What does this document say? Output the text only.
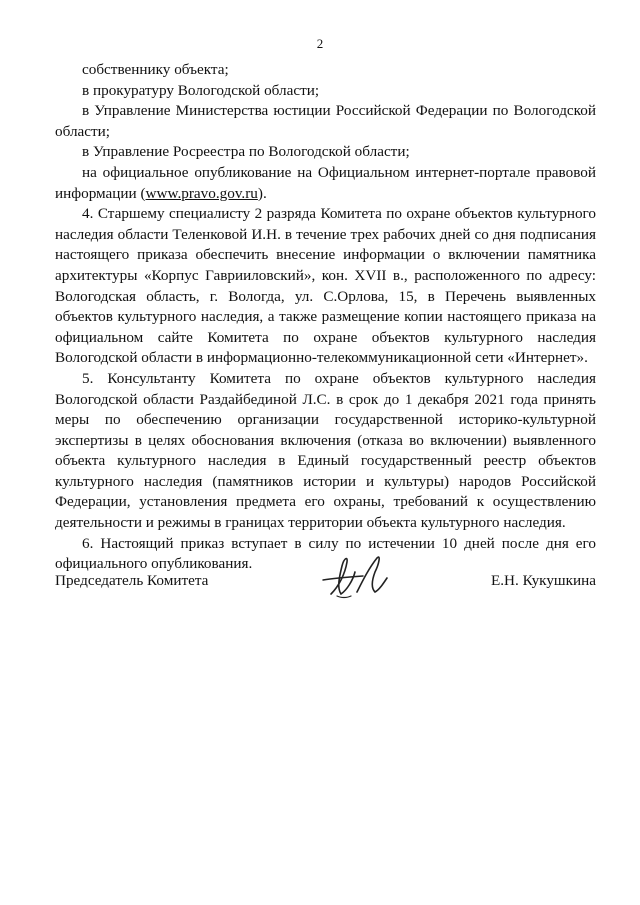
2

собственнику объекта;

в прокуратуру Вологодской области;

в Управление Министерства юстиции Российской Федерации по Вологодской области;

в Управление Росреестра по Вологодской области;

на официальное опубликование на Официальном интернет-портале правовой информации (www.pravo.gov.ru).

4. Старшему специалисту 2 разряда Комитета по охране объектов культурного наследия области Теленковой И.Н. в течение трех рабочих дней со дня подписания настоящего приказа обеспечить внесение информации о включении памятника архитектуры «Корпус Гаврииловский», кон. XVII в., расположенного по адресу: Вологодская область, г. Вологда, ул. С.Орлова, 15, в Перечень выявленных объектов культурного наследия, а также размещение копии настоящего приказа на официальном сайте Комитета по охране объектов культурного наследия Вологодской области в информационно-телекоммуникационной сети «Интернет».

5. Консультанту Комитета по охране объектов культурного наследия Вологодской области Раздайбединой Л.С. в срок до 1 декабря 2021 года принять меры по обеспечению организации государственной историко-культурной экспертизы в целях обоснования включения (отказа во включении) выявленного объекта культурного наследия в Единый государственный реестр объектов культурного наследия (памятников истории и культуры) народов Российской Федерации, установления предмета его охраны, требований к осуществлению деятельности и режимы в границах территории объекта культурного наследия.

6. Настоящий приказ вступает в силу по истечении 10 дней после дня его официального опубликования.

Председатель Комитета	Е.Н. Кукушкина
